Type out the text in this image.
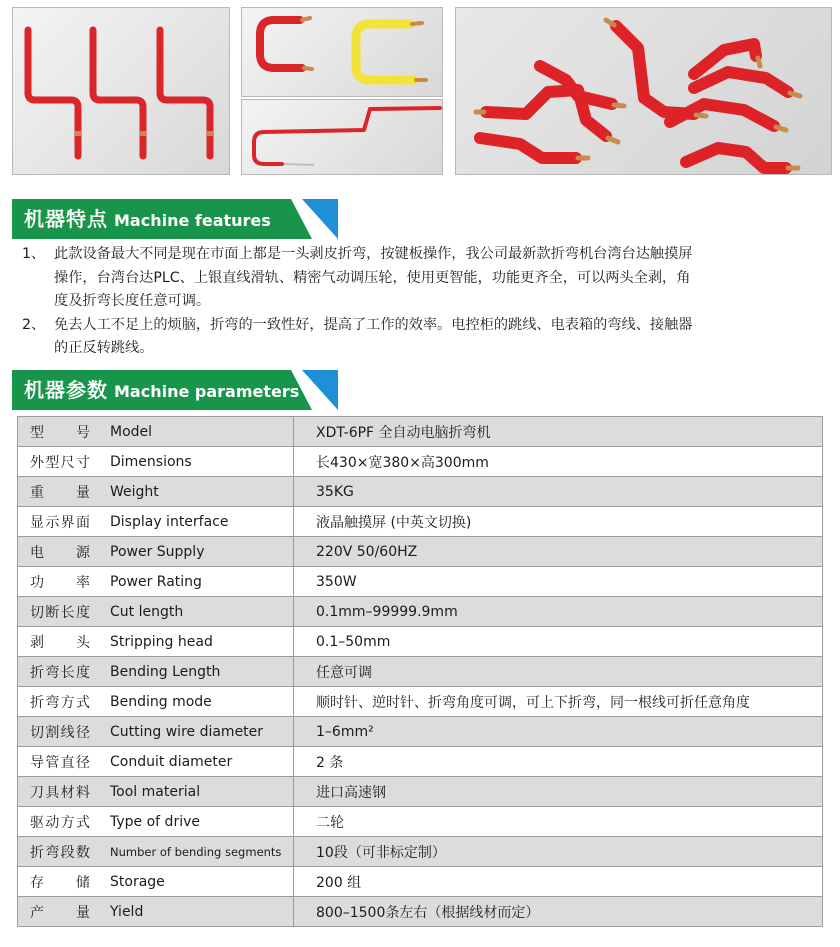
机器特点 Machine features
1、 此款设备最大不同是现在市面上都是一头剥皮折弯，按键板操作，我公司最新款折弯机台湾台达触摸屏
操作，台湾台达PLC、上银直线滑轨、精密气动调压轮，使用更智能，功能更齐全，可以两头全剥，角
度及折弯长度任意可调。
2、 免去人工不足上的烦脑，折弯的一致性好，提高了工作的效率。电控柜的跳线、电表箱的弯线、接触器
的正反转跳线。
机器参数 Machine parameters
型号 Model	XDT-6PF 全自动电脑折弯机

外型尺寸 Dimensions	长430×宽380×高300mm

重量 Weight	35KG

显示界面 Display interface	液晶触摸屏 (中英文切换)

电源 Power Supply	220V 50/60HZ

功率 Power Rating	350W

切断长度 Cut length	0.1mm–99999.9mm

剥头 Stripping head	0.1–50mm

折弯长度 Bending Length	任意可调

折弯方式 Bending mode	顺时针、逆时针、折弯角度可调，可上下折弯，同一根线可折任意角度

切割线径 Cutting wire diameter	1–6mm²

导管直径 Conduit diameter	2 条

刀具材料 Tool material	进口高速钢

驱动方式 Type of drive	二轮

折弯段数 Number of bending segments	10段（可非标定制）

存储 Storage	200 组

产量 Yield	800–1500条左右（根据线材而定）
